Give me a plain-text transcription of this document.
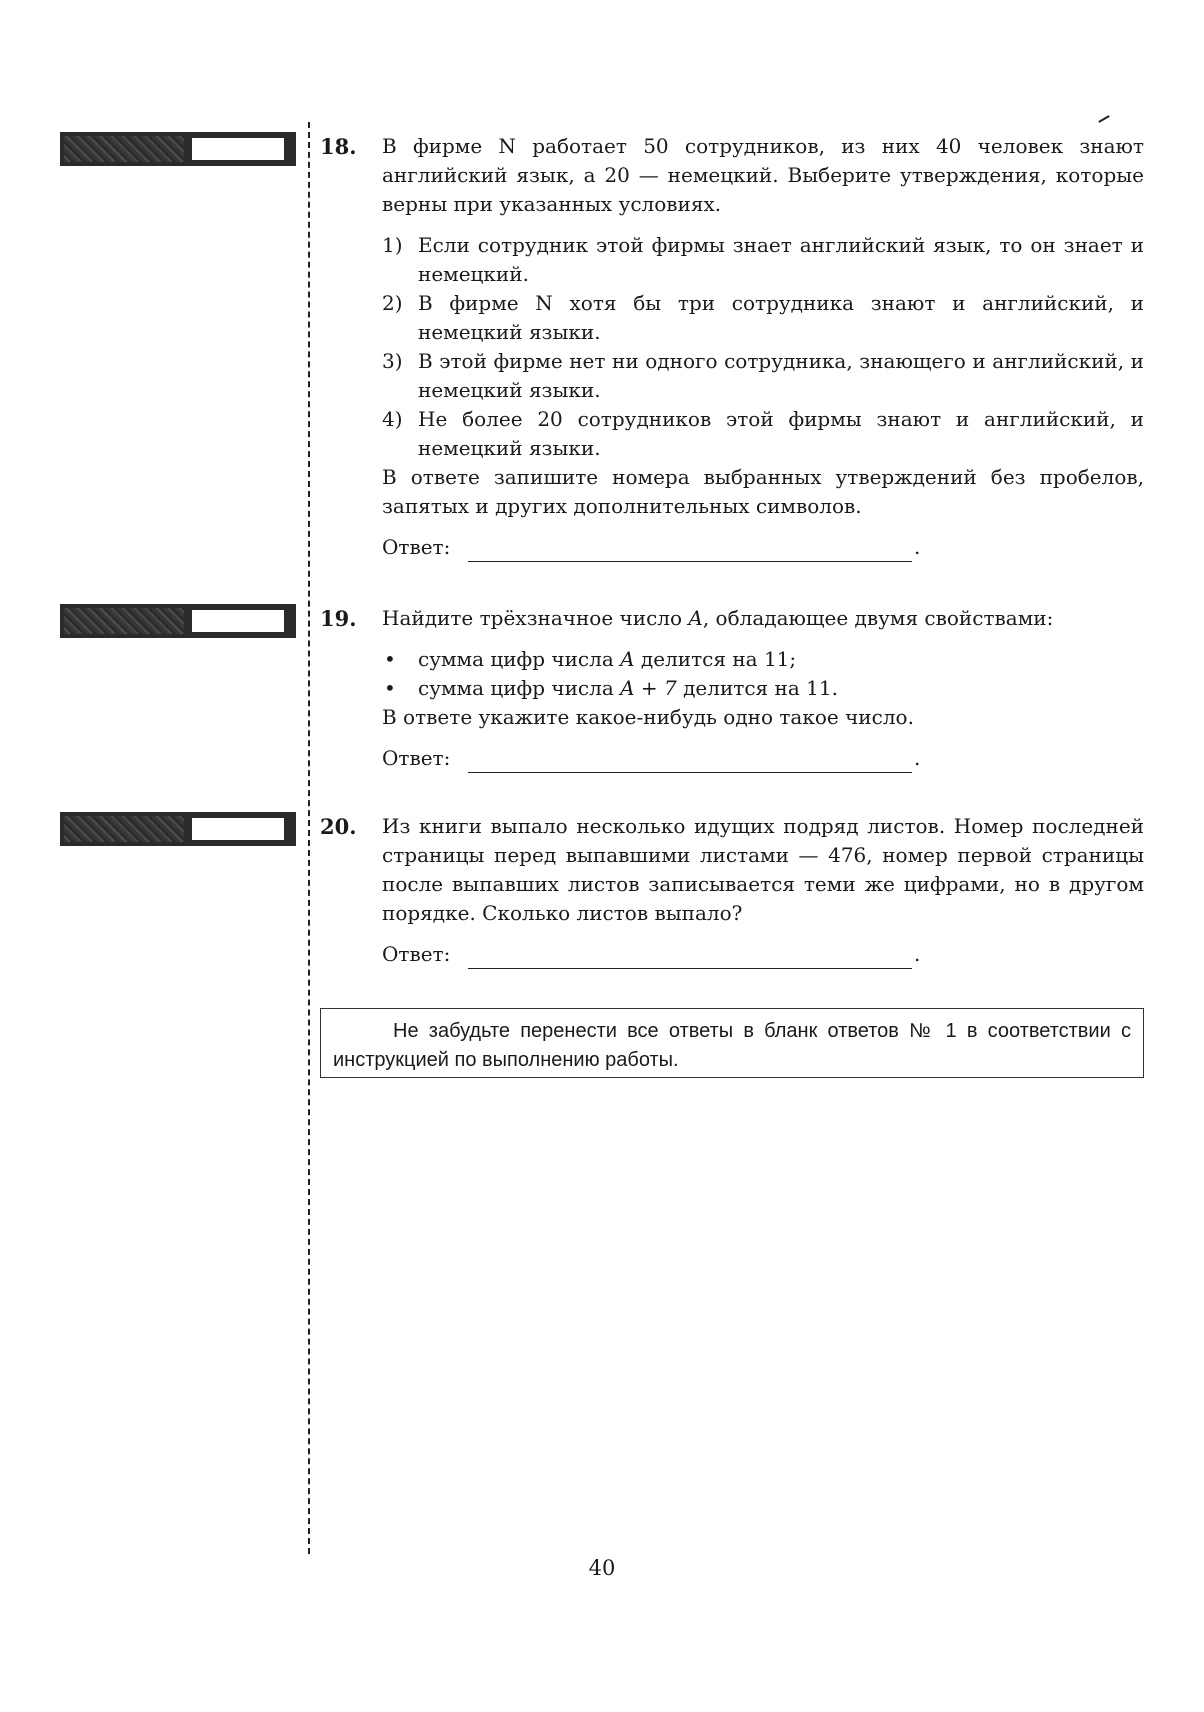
18. В фирме N работает 50 сотрудников, из них 40 человек знают английский язык, а 20 — немецкий. Выберите утверждения, которые верны при указанных условиях.

1) Если сотрудник этой фирмы знает английский язык, то он знает и немецкий.
2) В фирме N хотя бы три сотрудника знают и английский, и немецкий языки.
3) В этой фирме нет ни одного сотрудника, знающего и английский, и немецкий языки.
4) Не более 20 сотрудников этой фирмы знают и английский, и немецкий языки.

В ответе запишите номера выбранных утверждений без пробелов, запятых и других дополнительных символов.

Ответ:	.
19. Найдите трёхзначное число A, обладающее двумя свойствами:

• сумма цифр числа A делится на 11;
• сумма цифр числа A + 7 делится на 11.

В ответе укажите какое-нибудь одно такое число.

Ответ:	.
20. Из книги выпало несколько идущих подряд листов. Номер последней страницы перед выпавшими листами — 476, номер первой страницы после выпавших листов записывается теми же цифрами, но в другом порядке. Сколько листов выпало?

Ответ:	.
Не забудьте перенести все ответы в бланк ответов № 1 в соответствии с инструкцией по выполнению работы.
40
